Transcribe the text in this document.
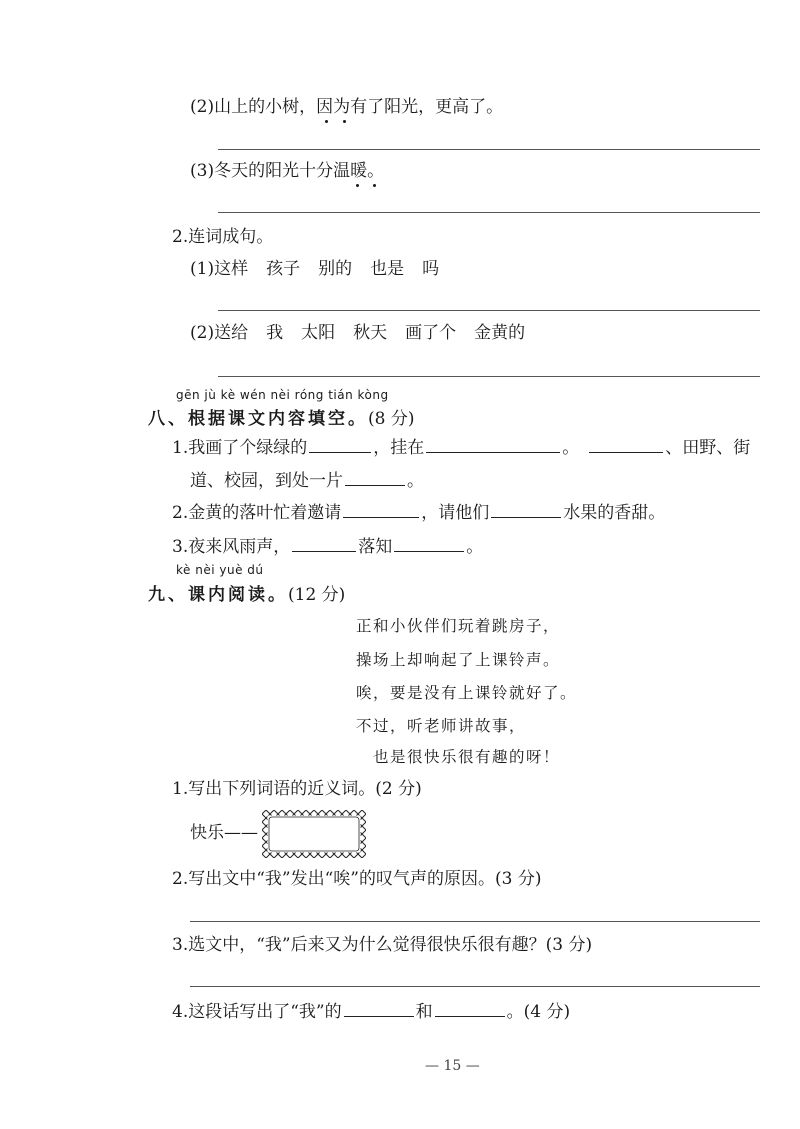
(2)山上的小树，因为有了阳光，更高了。
(3)冬天的阳光十分温暖。
2.连词成句。
(1)这样 孩子 别的 也是 吗
(2)送给 我 太阳 秋天 画了个 金黄的
gēn jù kè wén nèi róng tián kòng
八、根据课文内容填空。(8 分)
1.我画了个绿绿的	，挂在	。	、田野、街
道、校园，到处一片	。
2.金黄的落叶忙着邀请	，请他们	水果的香甜。
3.夜来风雨声，	落知	。
kè nèi yuè dú
九、课内阅读。(12 分)
正和小伙伴们玩着跳房子，
操场上却响起了上课铃声。
唉，要是没有上课铃就好了。
不过，听老师讲故事，
也是很快乐很有趣的呀！
1.写出下列词语的近义词。(2 分)
快乐——
2.写出文中“我”发出“唉”的叹气声的原因。(3 分)
3.选文中，“我”后来又为什么觉得很快乐很有趣？(3 分)
4.这段话写出了“我”的	和	。(4 分)
— 15 —
